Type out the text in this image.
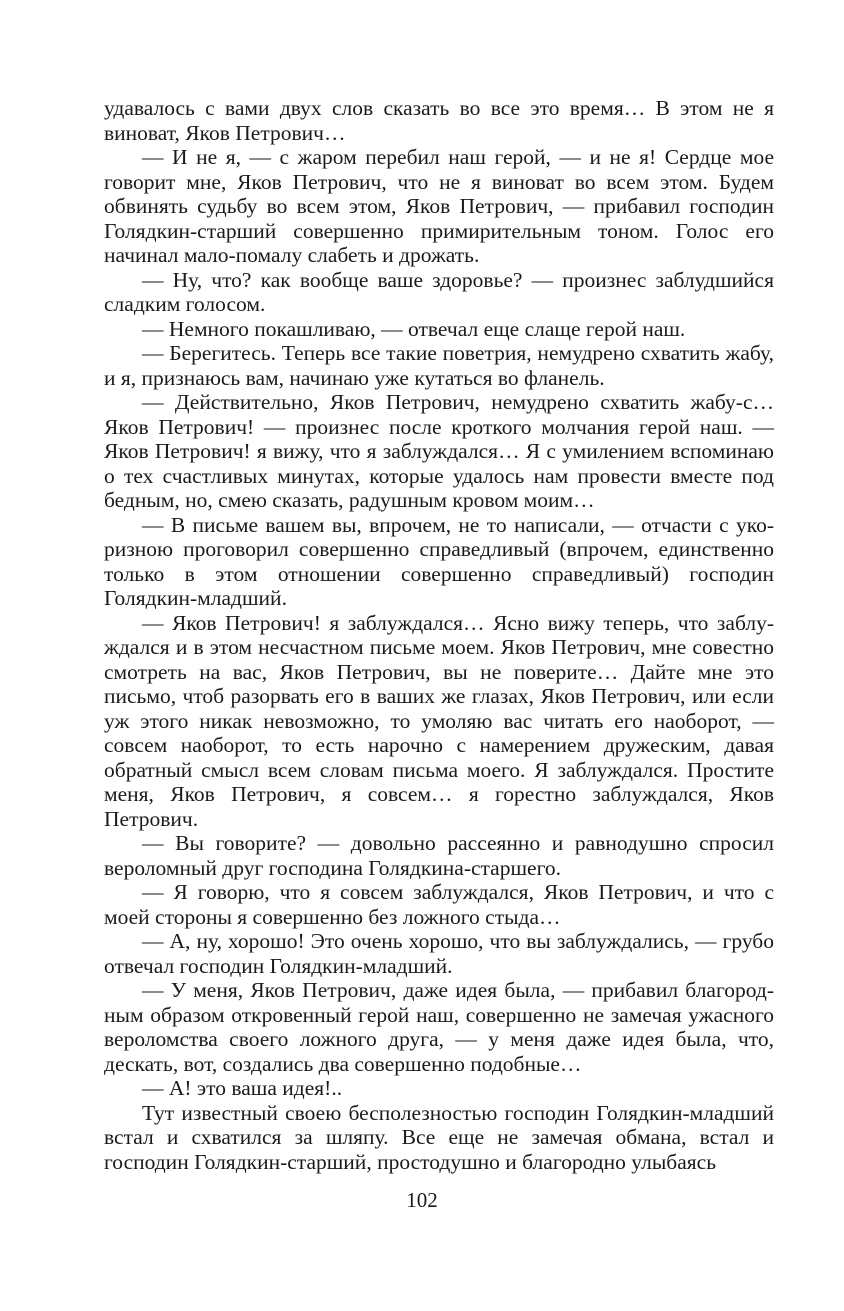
удавалось с вами двух слов сказать во все это время… В этом не я виноват, Яков Петрович…

— И не я, — с жаром перебил наш герой, — и не я! Сердце мое говорит мне, Яков Петрович, что не я виноват во всем этом. Будем обвинять судьбу во всем этом, Яков Петрович, — прибавил господин Голядкин-старший совершенно примирительным тоном. Голос его начинал мало-помалу слабеть и дрожать.

— Ну, что? как вообще ваше здоровье? — произнес заблудшийся сладким голосом.

— Немного покашливаю, — отвечал еще слаще герой наш.

— Берегитесь. Теперь все такие поветрия, немудрено схватить жабу, и я, признаюсь вам, начинаю уже кутаться во фланель.

— Действительно, Яков Петрович, немудрено схватить жабу-с… Яков Петрович! — произнес после кроткого молчания герой наш. — Яков Петрович! я вижу, что я заблуждался… Я с умилением вспоминаю о тех счастливых минутах, которые удалось нам провести вместе под бедным, но, смею сказать, радушным кровом моим…

— В письме вашем вы, впрочем, не то написали, — отчасти с укоризною проговорил совершенно справедливый (впрочем, единственно только в этом отношении совершенно справедливый) господин Голядкин-младший.

— Яков Петрович! я заблуждался… Ясно вижу теперь, что заблуждался и в этом несчастном письме моем. Яков Петрович, мне совестно смотреть на вас, Яков Петрович, вы не поверите… Дайте мне это письмо, чтоб разорвать его в ваших же глазах, Яков Петрович, или если уж этого никак невозможно, то умоляю вас читать его наоборот, — совсем наоборот, то есть нарочно с намерением дружеским, давая обратный смысл всем словам письма моего. Я заблуждался. Простите меня, Яков Петрович, я совсем… я горестно заблуждался, Яков Петрович.

— Вы говорите? — довольно рассеянно и равнодушно спросил вероломный друг господина Голядкина-старшего.

— Я говорю, что я совсем заблуждался, Яков Петрович, и что с моей стороны я совершенно без ложного стыда…

— А, ну, хорошо! Это очень хорошо, что вы заблуждались, — грубо отвечал господин Голядкин-младший.

— У меня, Яков Петрович, даже идея была, — прибавил благородным образом откровенный герой наш, совершенно не замечая ужасного вероломства своего ложного друга, — у меня даже идея была, что, дескать, вот, создались два совершенно подобные…

— А! это ваша идея!..

Тут известный своею бесполезностью господин Голядкин-младший встал и схватился за шляпу. Все еще не замечая обмана, встал и господин Голядкин-старший, простодушно и благородно улыбаясь

102
